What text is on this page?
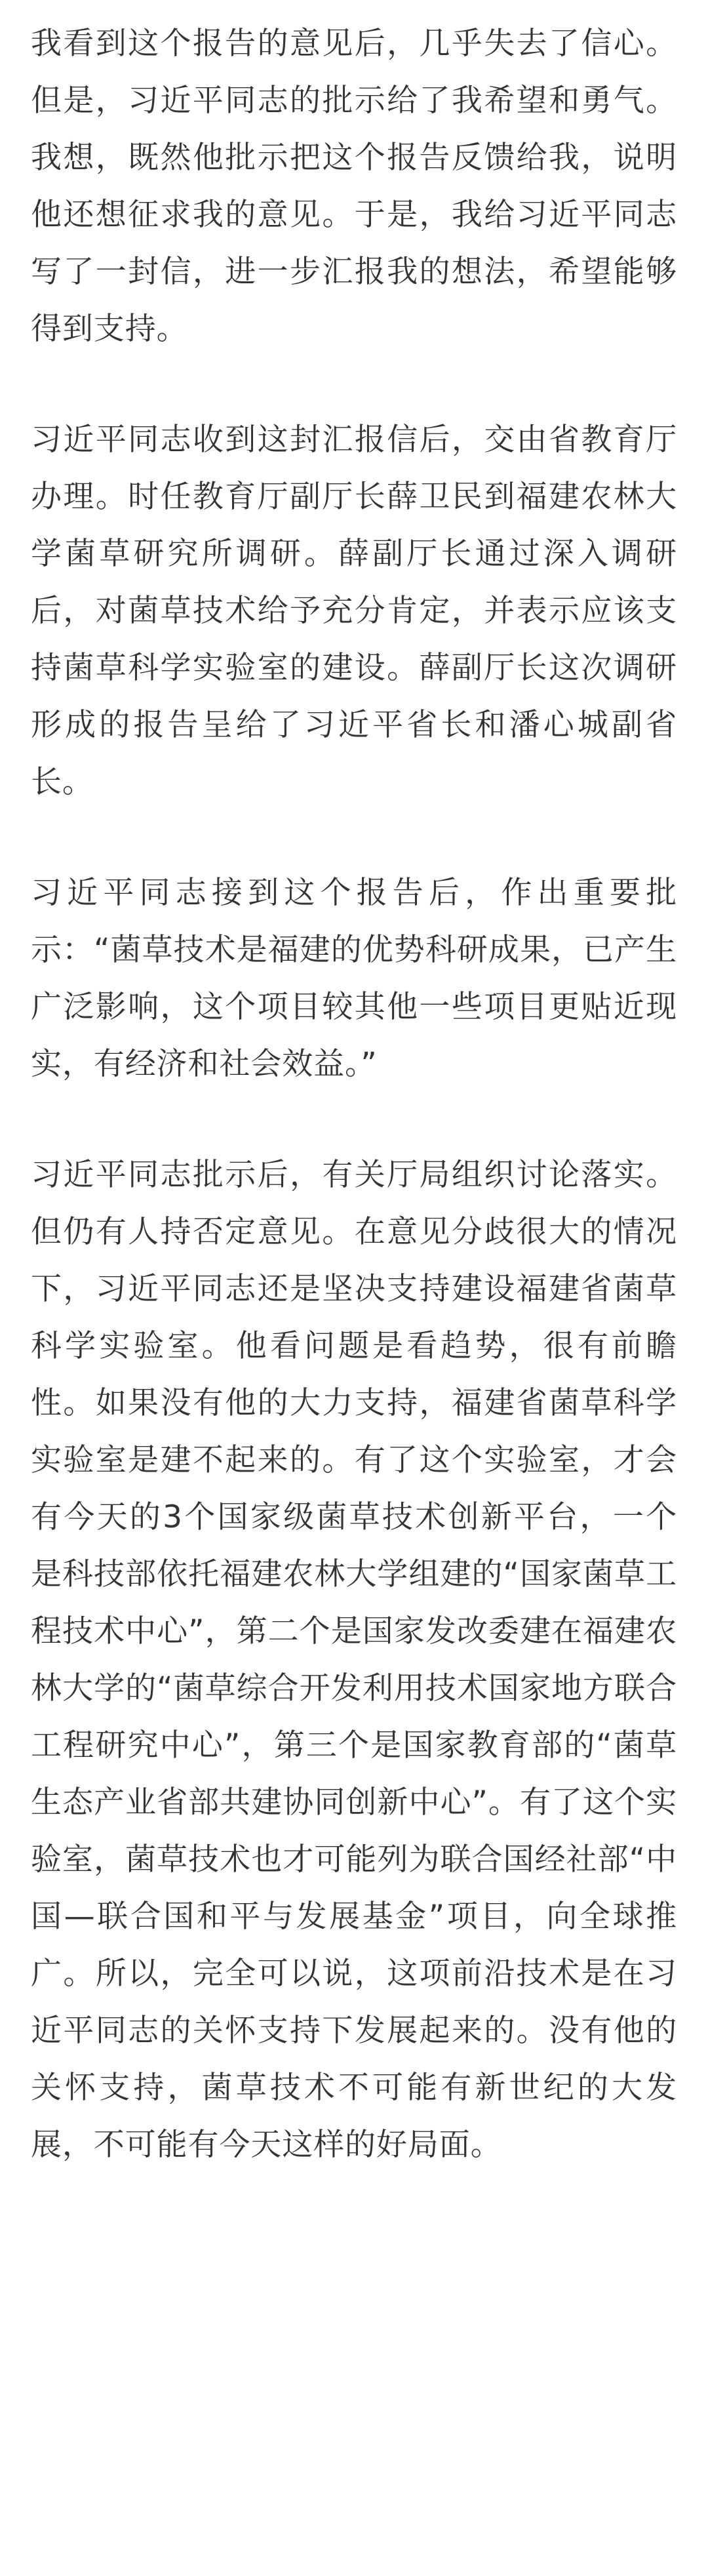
我看到这个报告的意见后，几乎失去了信心。但是，习近平同志的批示给了我希望和勇气。我想，既然他批示把这个报告反馈给我，说明他还想征求我的意见。于是，我给习近平同志写了一封信，进一步汇报我的想法，希望能够得到支持。

习近平同志收到这封汇报信后，交由省教育厅办理。时任教育厅副厅长薛卫民到福建农林大学菌草研究所调研。薛副厅长通过深入调研后，对菌草技术给予充分肯定，并表示应该支持菌草科学实验室的建设。薛副厅长这次调研形成的报告呈给了习近平省长和潘心城副省长。

习近平同志接到这个报告后，作出重要批示：“菌草技术是福建的优势科研成果，已产生广泛影响，这个项目较其他一些项目更贴近现实，有经济和社会效益。”

习近平同志批示后，有关厅局组织讨论落实。但仍有人持否定意见。在意见分歧很大的情况下，习近平同志还是坚决支持建设福建省菌草科学实验室。他看问题是看趋势，很有前瞻性。如果没有他的大力支持，福建省菌草科学实验室是建不起来的。有了这个实验室，才会有今天的3个国家级菌草技术创新平台，一个是科技部依托福建农林大学组建的“国家菌草工程技术中心”，第二个是国家发改委建在福建农林大学的“菌草综合开发利用技术国家地方联合工程研究中心”，第三个是国家教育部的“菌草生态产业省部共建协同创新中心”。有了这个实验室，菌草技术也才可能列为联合国经社部“中国—联合国和平与发展基金”项目，向全球推广。所以，完全可以说，这项前沿技术是在习近平同志的关怀支持下发展起来的。没有他的关怀支持，菌草技术不可能有新世纪的大发展，不可能有今天这样的好局面。
